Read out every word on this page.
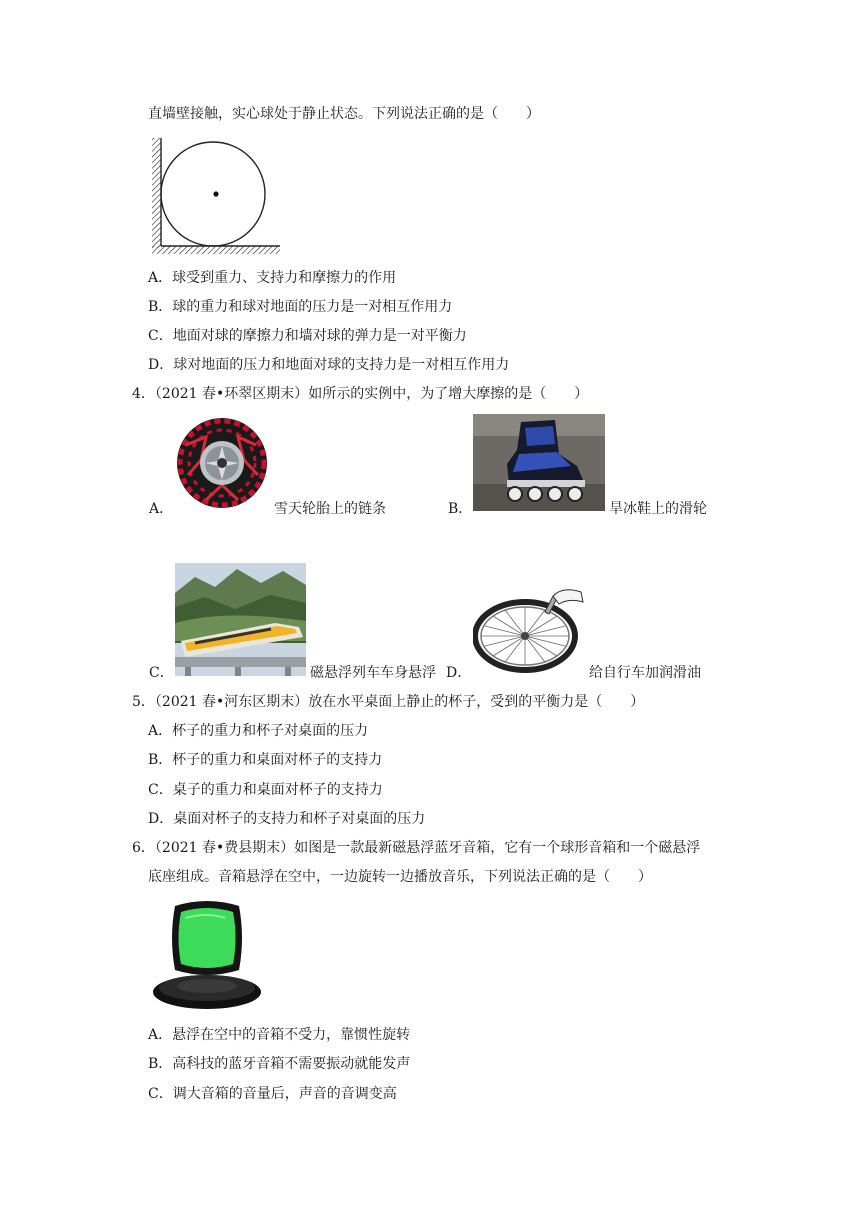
直墙壁接触，实心球处于静止状态。下列说法正确的是（　　）
A．球受到重力、支持力和摩擦力的作用
B．球的重力和球对地面的压力是一对相互作用力
C．地面对球的摩擦力和墙对球的弹力是一对平衡力
D．球对地面的压力和地面对球的支持力是一对相互作用力
4．（2021 春•环翠区期末）如所示的实例中，为了增大摩擦的是（　　）
A．	雪天轮胎上的链条	B．	旱冰鞋上的滑轮
C．	磁悬浮列车车身悬浮 D．	给自行车加润滑油
5．（2021 春•河东区期末）放在水平桌面上静止的杯子，受到的平衡力是（　　）
A．杯子的重力和杯子对桌面的压力
B．杯子的重力和桌面对杯子的支持力
C．桌子的重力和桌面对杯子的支持力
D．桌面对杯子的支持力和杯子对桌面的压力
6．（2021 春•费县期末）如图是一款最新磁悬浮蓝牙音箱，它有一个球形音箱和一个磁悬浮
底座组成。音箱悬浮在空中，一边旋转一边播放音乐，下列说法正确的是（　　）
A．悬浮在空中的音箱不受力，靠惯性旋转
B．高科技的蓝牙音箱不需要振动就能发声
C．调大音箱的音量后，声音的音调变高
